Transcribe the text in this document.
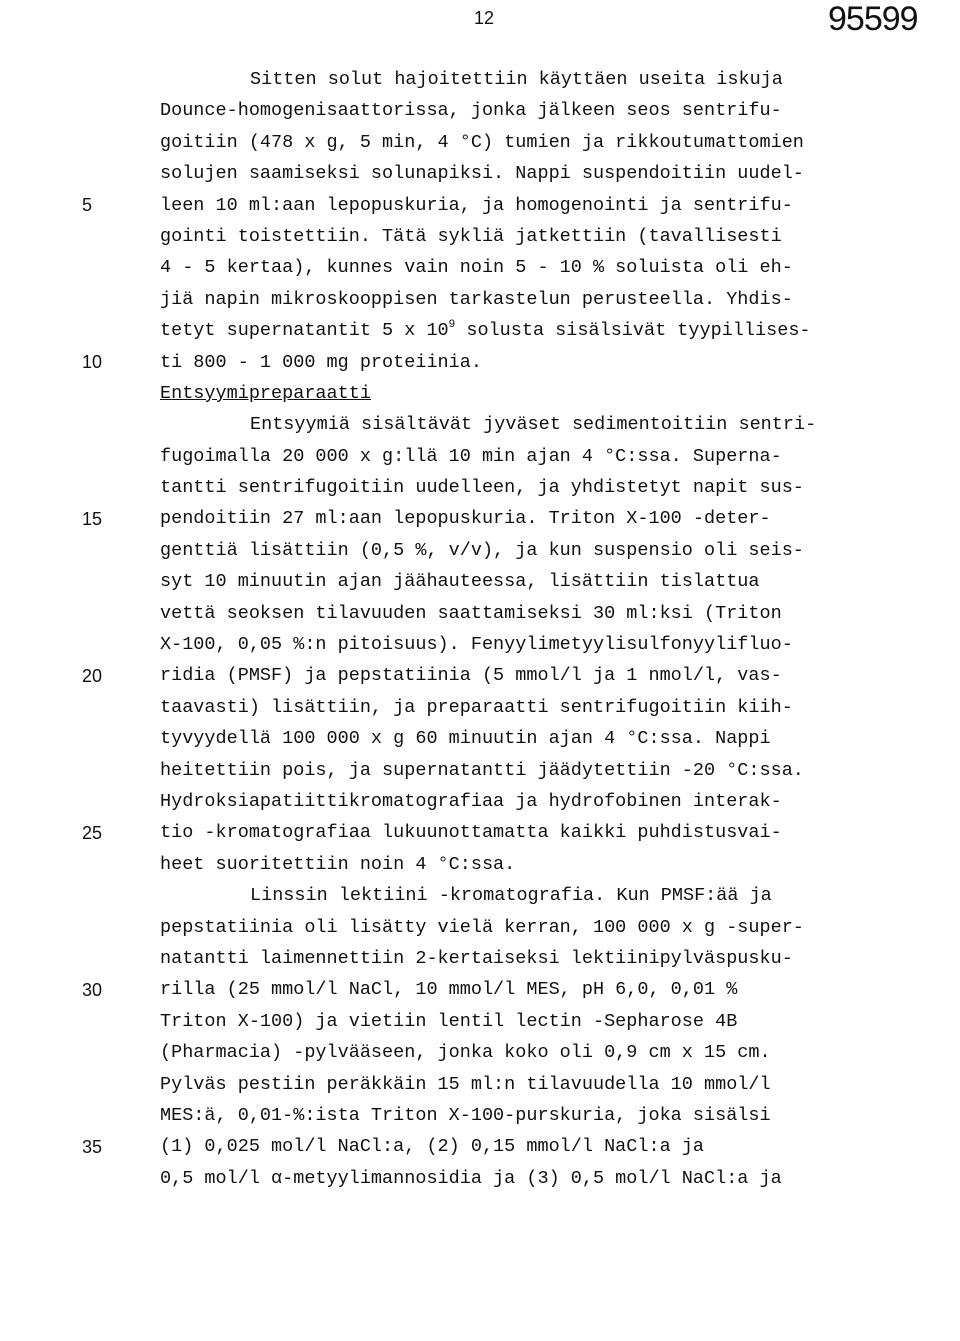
12	95599
5
10
15
20
25
30
35
Sitten solut hajoitettiin käyttäen useita iskuja
Dounce-homogenisaattorissa, jonka jälkeen seos sentrifu-
goitiin (478 x g, 5 min, 4 °C) tumien ja rikkoutumattomien
solujen saamiseksi solunapiksi. Nappi suspendoitiin uudel-
leen 10 ml:aan lepopuskuria, ja homogenointi ja sentrifu-
gointi toistettiin. Tätä sykliä jatkettiin (tavallisesti
4 - 5 kertaa), kunnes vain noin 5 - 10 % soluista oli eh-
jiä napin mikroskooppisen tarkastelun perusteella. Yhdis-
tetyt supernatantit 5 x $10^9$ solusta sisälsivät tyypillises-
ti 800 - 1 000 mg proteiinia.
Entsyymipreparaatti
Entsyymiä sisältävät jyväset sedimentoitiin sentri-
fugoimalla 20 000 x g:llä 10 min ajan 4 °C:ssa. Superna-
tantti sentrifugoitiin uudelleen, ja yhdistetyt napit sus-
pendoitiin 27 ml:aan lepopuskuria. Triton X-100 -deter-
genttiä lisättiin (0,5 %, v/v), ja kun suspensio oli seis-
syt 10 minuutin ajan jäähauteessa, lisättiin tislattua
vettä seoksen tilavuuden saattamiseksi 30 ml:ksi (Triton
X-100, 0,05 %:n pitoisuus). Fenyylimetyylisulfonyylifluo-
ridia (PMSF) ja pepstatiinia (5 mmol/l ja 1 nmol/l, vas-
taavasti) lisättiin, ja preparaatti sentrifugoitiin kiih-
tyvyydellä 100 000 x g 60 minuutin ajan 4 °C:ssa. Nappi
heitettiin pois, ja supernatantti jäädytettiin -20 °C:ssa.
Hydroksiapatiittikromatografiaa ja hydrofobinen interak-
tio -kromatografiaa lukuunottamatta kaikki puhdistusvai-
heet suoritettiin noin 4 °C:ssa.
Linssin lektiini -kromatografia. Kun PMSF:ää ja
pepstatiinia oli lisätty vielä kerran, 100 000 x g -super-
natantti laimennettiin 2-kertaiseksi lektiinipylväspusku-
rilla (25 mmol/l NaCl, 10 mmol/l MES, pH 6,0, 0,01 %
Triton X-100) ja vietiin lentil lectin -Sepharose 4B
(Pharmacia) -pylvääseen, jonka koko oli 0,9 cm x 15 cm.
Pylväs pestiin peräkkäin 15 ml:n tilavuudella 10 mmol/l
MES:ä, 0,01-%:ista Triton X-100-purskuria, joka sisälsi
(1) 0,025 mol/l NaCl:a, (2) 0,15 mmol/l NaCl:a ja
0,5 mol/l α-metyylimannosidia ja (3) 0,5 mol/l NaCl:a ja
